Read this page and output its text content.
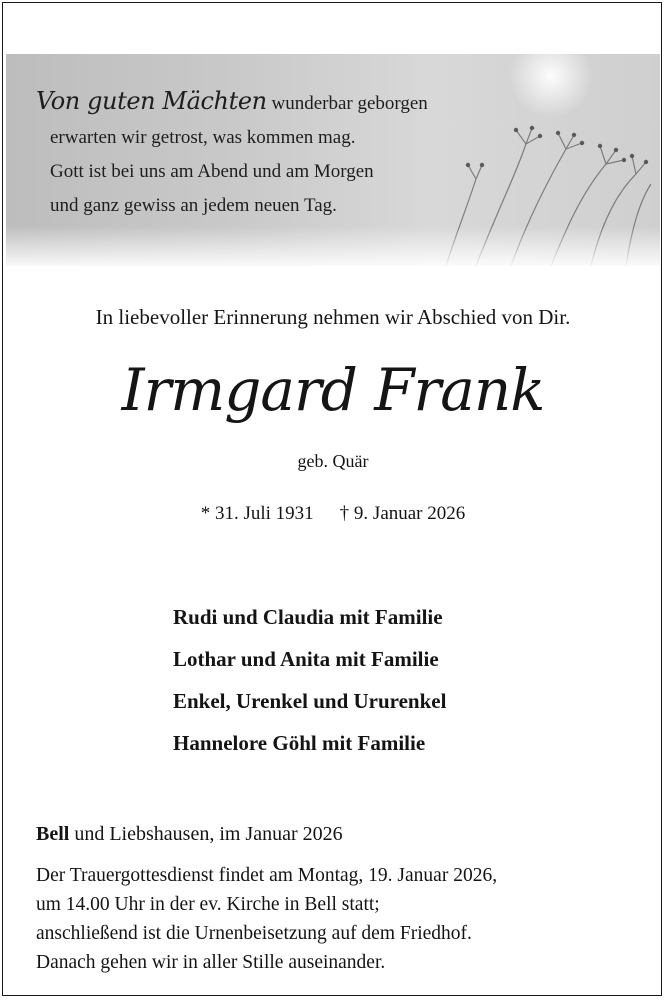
Von guten Mächten wunderbar geborgen
erwarten wir getrost, was kommen mag.
Gott ist bei uns am Abend und am Morgen
und ganz gewiss an jedem neuen Tag.
In liebevoller Erinnerung nehmen wir Abschied von Dir.
Irmgard Frank
geb. Quär
* 31. Juli 1931 † 9. Januar 2026
Rudi und Claudia mit Familie
Lothar und Anita mit Familie
Enkel, Urenkel und Ururenkel
Hannelore Göhl mit Familie
Bell und Liebshausen, im Januar 2026
Der Trauergottesdienst findet am Montag, 19. Januar 2026,
um 14.00 Uhr in der ev. Kirche in Bell statt;
anschließend ist die Urnenbeisetzung auf dem Friedhof.
Danach gehen wir in aller Stille auseinander.
